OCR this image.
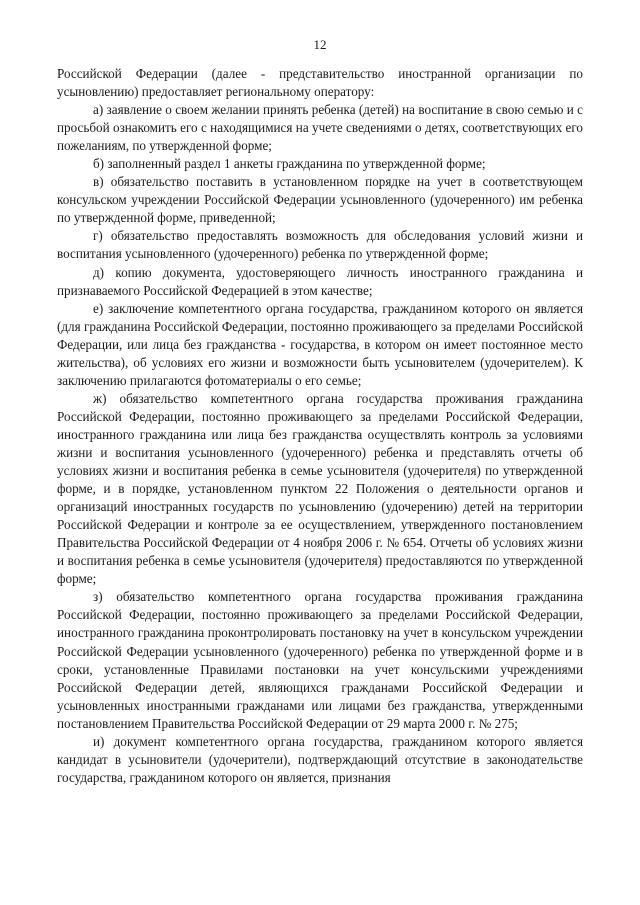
12

Российской Федерации (далее - представительство иностранной организации по усыновлению) предоставляет региональному оператору:

а) заявление о своем желании принять ребенка (детей) на воспитание в свою семью и с просьбой ознакомить его с находящимися на учете сведениями о детях, соответствующих его пожеланиям, по утвержденной форме;

б) заполненный раздел 1 анкеты гражданина по утвержденной форме;

в) обязательство поставить в установленном порядке на учет в соответствующем консульском учреждении Российской Федерации усыновленного (удочеренного) им ребенка по утвержденной форме, приведенной;

г) обязательство предоставлять возможность для обследования условий жизни и воспитания усыновленного (удочеренного) ребенка по утвержденной форме;

д) копию документа, удостоверяющего личность иностранного гражданина и признаваемого Российской Федерацией в этом качестве;

е) заключение компетентного органа государства, гражданином которого он является (для гражданина Российской Федерации, постоянно проживающего за пределами Российской Федерации, или лица без гражданства - государства, в котором он имеет постоянное место жительства), об условиях его жизни и возможности быть усыновителем (удочерителем). К заключению прилагаются фотоматериалы о его семье;

ж) обязательство компетентного органа государства проживания гражданина Российской Федерации, постоянно проживающего за пределами Российской Федерации, иностранного гражданина или лица без гражданства осуществлять контроль за условиями жизни и воспитания усыновленного (удочеренного) ребенка и представлять отчеты об условиях жизни и воспитания ребенка в семье усыновителя (удочерителя) по утвержденной форме, и в порядке, установленном пунктом 22 Положения о деятельности органов и организаций иностранных государств по усыновлению (удочерению) детей на территории Российской Федерации и контроле за ее осуществлением, утвержденного постановлением Правительства Российской Федерации от 4 ноября 2006 г. № 654. Отчеты об условиях жизни и воспитания ребенка в семье усыновителя (удочерителя) предоставляются по утвержденной форме;

з) обязательство компетентного органа государства проживания гражданина Российской Федерации, постоянно проживающего за пределами Российской Федерации, иностранного гражданина проконтролировать постановку на учет в консульском учреждении Российской Федерации усыновленного (удочеренного) ребенка по утвержденной форме и в сроки, установленные Правилами постановки на учет консульскими учреждениями Российской Федерации детей, являющихся гражданами Российской Федерации и усыновленных иностранными гражданами или лицами без гражданства, утвержденными постановлением Правительства Российской Федерации от 29 марта 2000 г. № 275;

и) документ компетентного органа государства, гражданином которого является кандидат в усыновители (удочерители), подтверждающий отсутствие в законодательстве государства, гражданином которого он является, признания
